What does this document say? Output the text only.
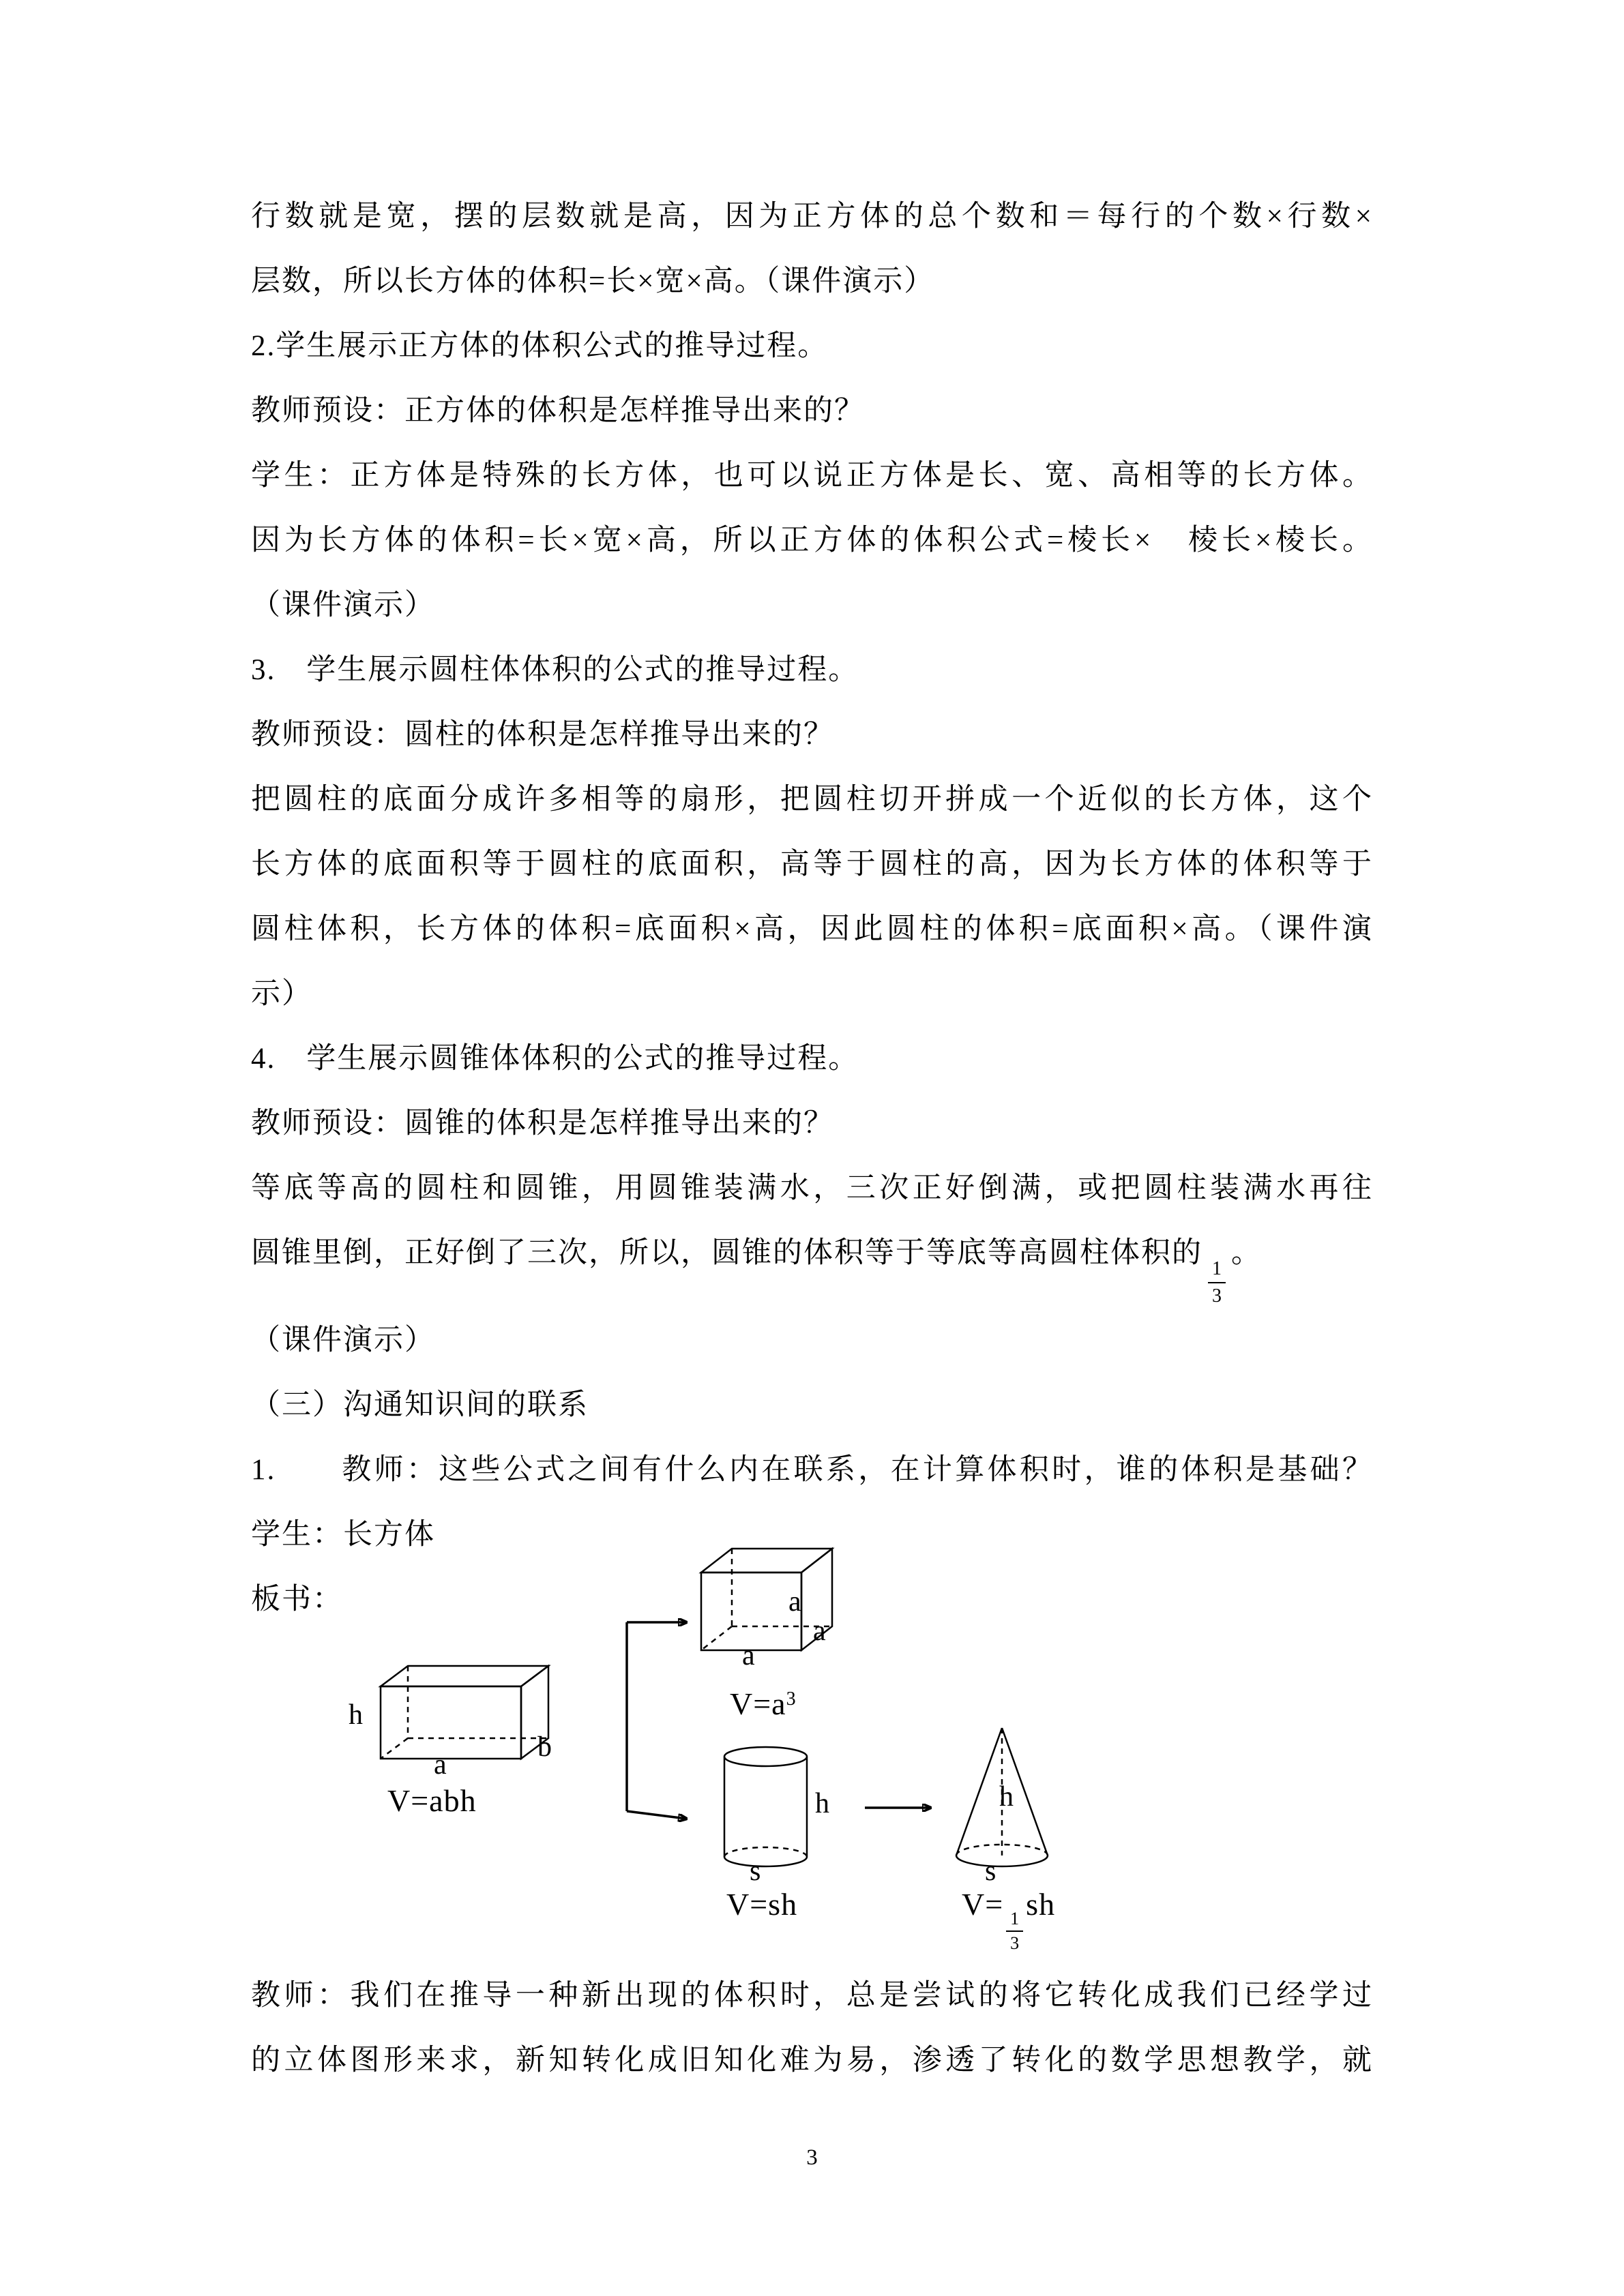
行数就是宽，摆的层数就是高，因为正方体的总个数和＝每行的个数×行数×

层数，所以长方体的体积=长×宽×高。（课件演示）

2.学生展示正方体的体积公式的推导过程。

教师预设：正方体的体积是怎样推导出来的？

学生：正方体是特殊的长方体，也可以说正方体是长、宽、高相等的长方体。

因为长方体的体积=长×宽×高，所以正方体的体积公式=棱长×　棱长×棱长。

（课件演示）

3.　学生展示圆柱体体积的公式的推导过程。

教师预设：圆柱的体积是怎样推导出来的？

把圆柱的底面分成许多相等的扇形，把圆柱切开拼成一个近似的长方体，这个

长方体的底面积等于圆柱的底面积，高等于圆柱的高，因为长方体的体积等于

圆柱体积，长方体的体积=底面积×高，因此圆柱的体积=底面积×高。（课件演

示）

4.　学生展示圆锥体体积的公式的推导过程。

教师预设：圆锥的体积是怎样推导出来的？

等底等高的圆柱和圆锥，用圆锥装满水，三次正好倒满，或把圆柱装满水再往

圆锥里倒，正好倒了三次，所以，圆锥的体积等于等底等高圆柱体积的
$\frac{1}{3}$
。

（课件演示）

（三）沟通知识间的联系

1.　　教师：这些公式之间有什么内在联系，在计算体积时，谁的体积是基础？

学生：长方体

板书：

教师：我们在推导一种新出现的体积时，总是尝试的将它转化成我们已经学过

的立体图形来求，新知转化成旧知化难为易，渗透了转化的数学思想教学，就

3
h
a
b
V=abh
a
a
a
$V=a^3$
h
s
V=sh
h
s
V=
$\frac{1}{3}$
sh
